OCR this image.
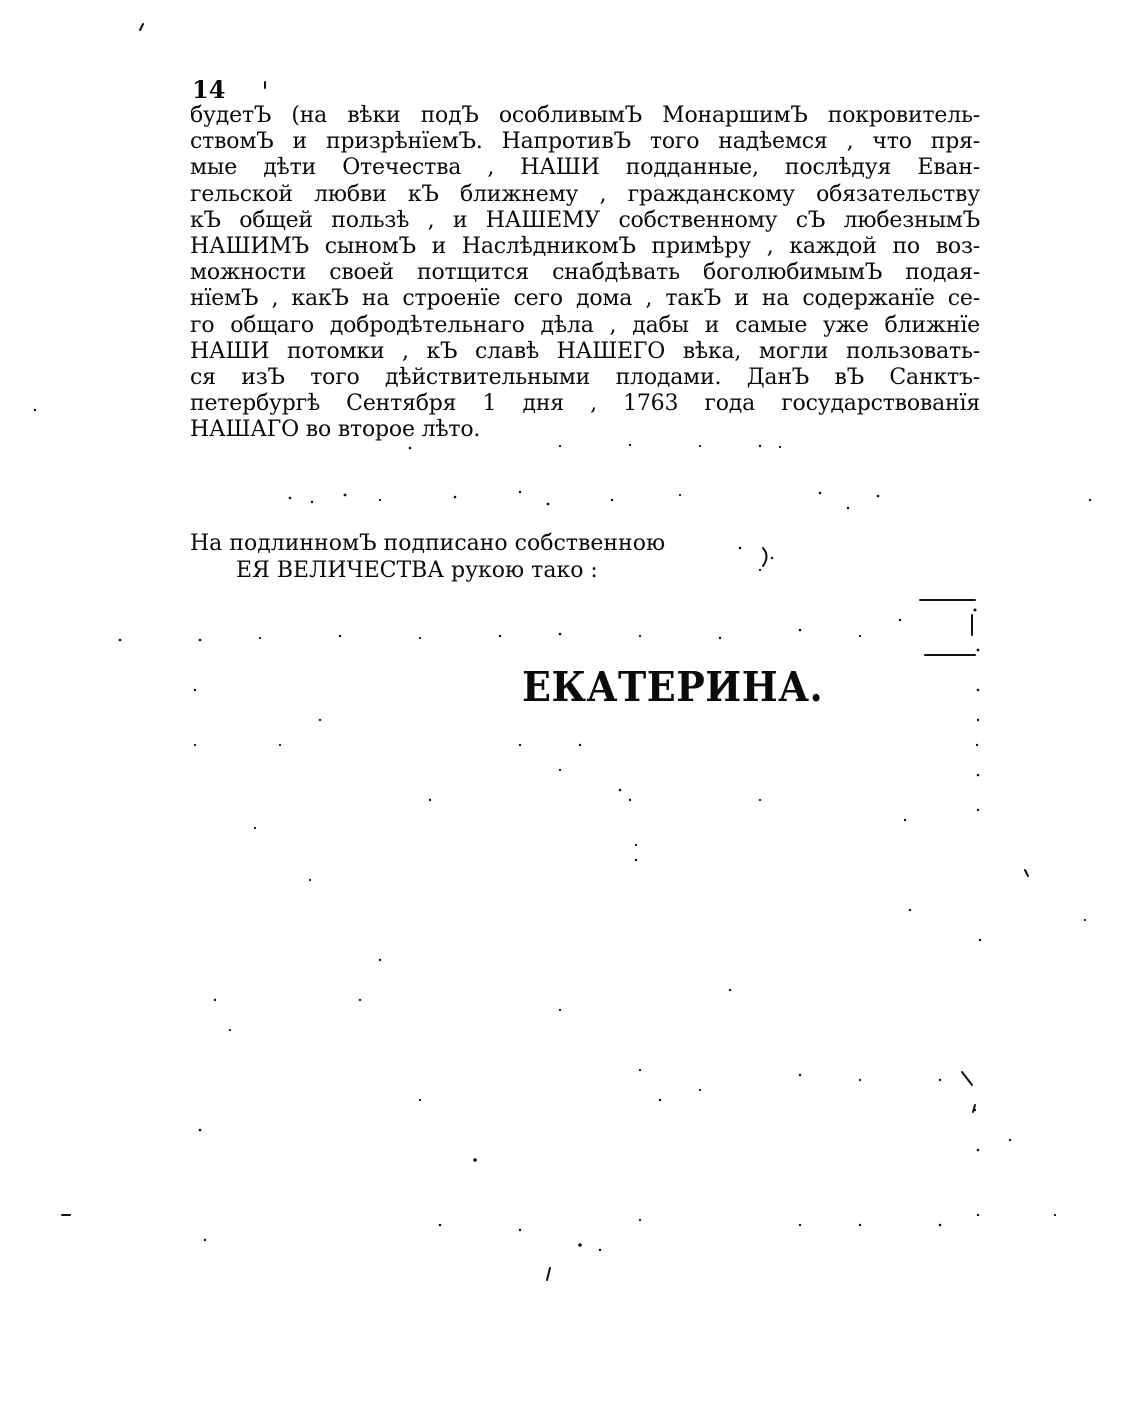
14
будетЪ (на вѣки подЪ особливымЪ МонаршимЪ покровитель-
ствомЪ и призрѣнїемЪ. НапротивЪ того надѣемся , что пря-
мые дѣти Отечества , НАШИ подданные, послѣдуя Еван-
гельской любви кЪ ближнему , гражданскому обязательству
кЪ общей пользѣ , и НАШЕМУ собственному сЪ любезнымЪ
НАШИМЪ сыномЪ и НаслѣдникомЪ примѣру , каждой по воз-
можности своей потщится снабдѣвать боголюбимымЪ подая-
нїемЪ , какЪ на строенїе сего дома , такЪ и на содержанїе се-
го общаго добродѣтельнаго дѣла , дабы и самые уже ближнїе
НАШИ потомки , кЪ славѣ НАШЕГО вѣка, могли пользовать-
ся изЪ того дѣйствительными плодами. ДанЪ вЪ Санктъ-
петербургѣ Сентября 1 дня , 1763 года государствованїя
НАШАГО во второе лѣто.
На подлинномЪ подписано собственною
ЕЯ ВЕЛИЧЕСТВА рукою тако :
ЕКАТЕРИНА.
